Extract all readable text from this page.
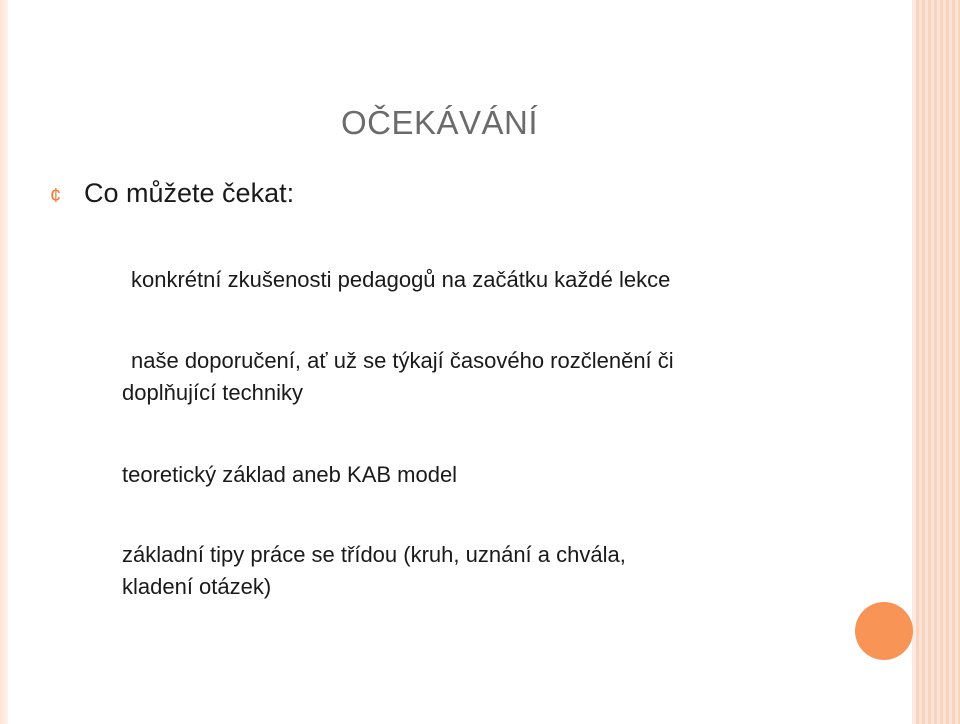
OČEKÁVÁNÍ
¢ Co můžete čekat:
konkrétní zkušenosti pedagogů na začátku každé lekce
naše doporučení, ať už se týkají časového rozčlenění či
doplňující techniky
teoretický základ aneb KAB model
základní tipy práce se třídou (kruh, uznání a chvála,
kladení otázek)
